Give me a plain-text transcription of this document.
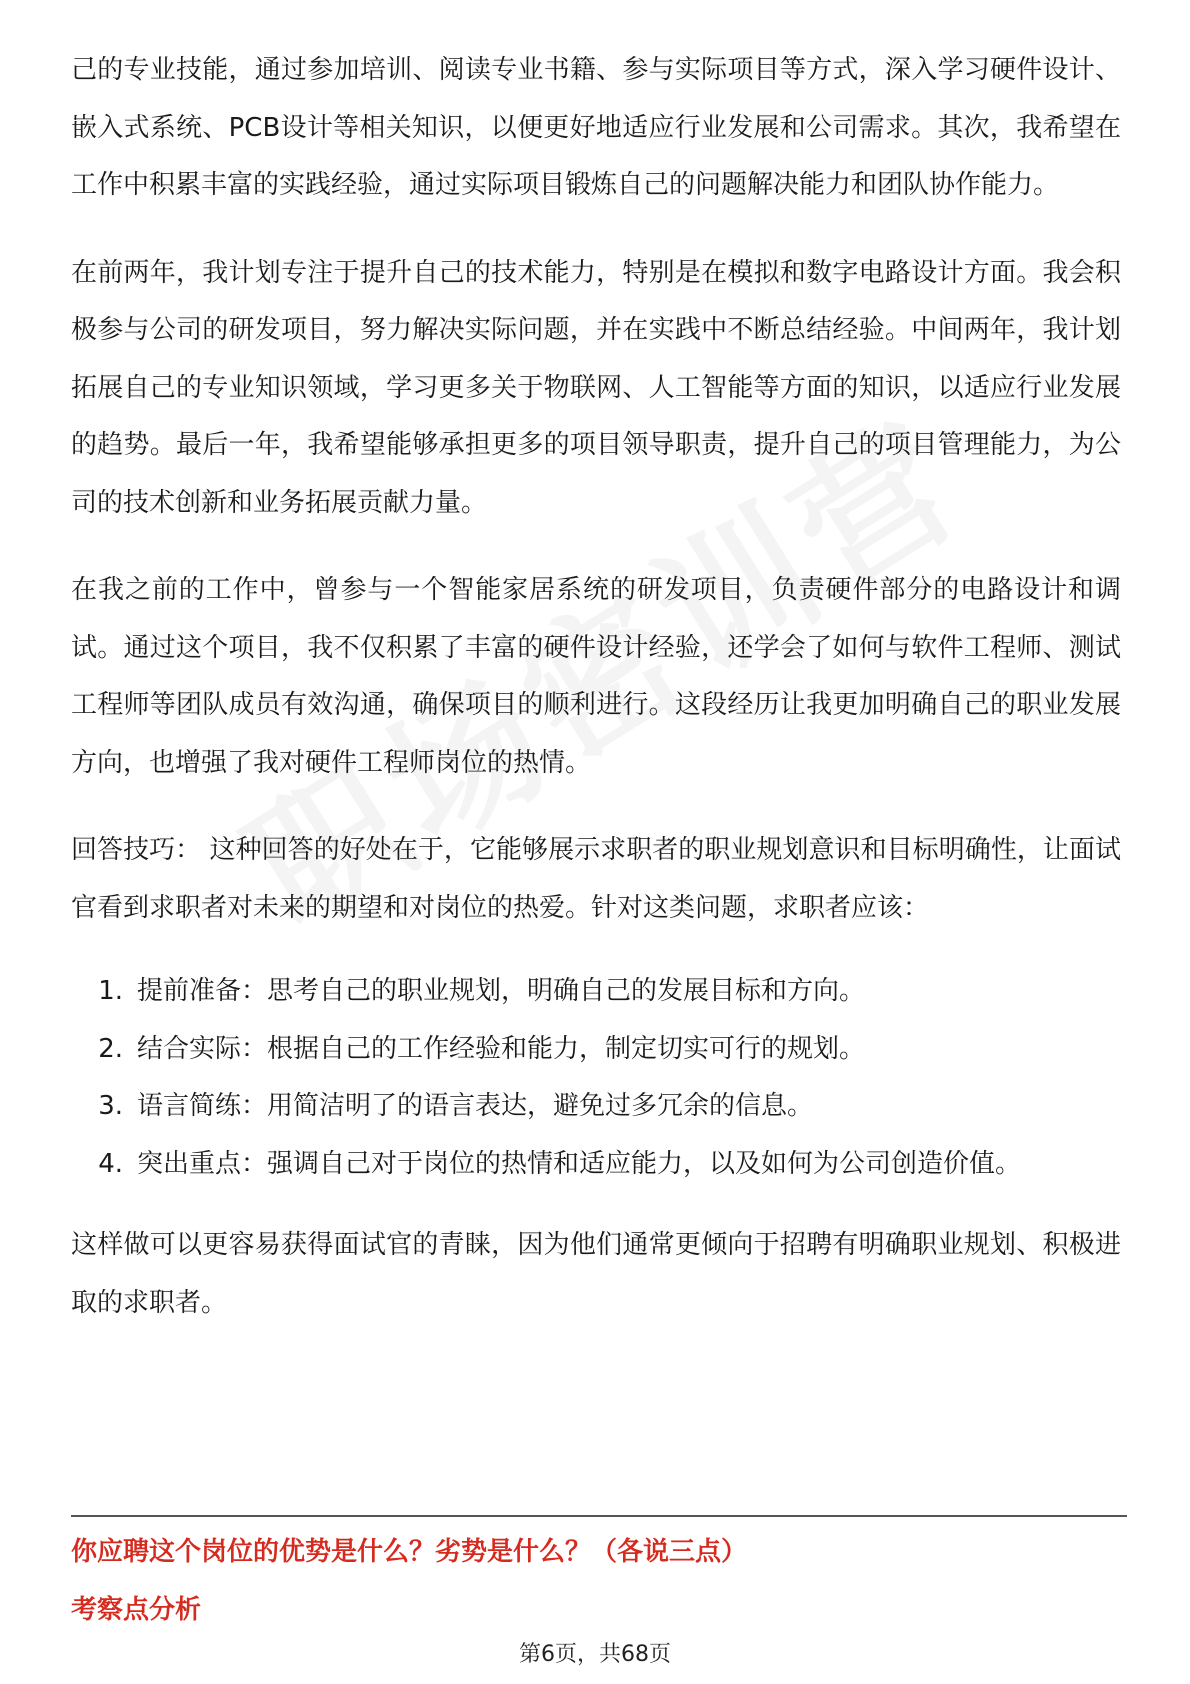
己的专业技能，通过参加培训、阅读专业书籍、参与实际项目等方式，深入学习硬件设计、嵌入式系统、PCB设计等相关知识，以便更好地适应行业发展和公司需求。其次，我希望在工作中积累丰富的实践经验，通过实际项目锻炼自己的问题解决能力和团队协作能力。

在前两年，我计划专注于提升自己的技术能力，特别是在模拟和数字电路设计方面。我会积极参与公司的研发项目，努力解决实际问题，并在实践中不断总结经验。中间两年，我计划拓展自己的专业知识领域，学习更多关于物联网、人工智能等方面的知识，以适应行业发展的趋势。最后一年，我希望能够承担更多的项目领导职责，提升自己的项目管理能力，为公司的技术创新和业务拓展贡献力量。

在我之前的工作中，曾参与一个智能家居系统的研发项目，负责硬件部分的电路设计和调试。通过这个项目，我不仅积累了丰富的硬件设计经验，还学会了如何与软件工程师、测试工程师等团队成员有效沟通，确保项目的顺利进行。这段经历让我更加明确自己的职业发展方向，也增强了我对硬件工程师岗位的热情。

回答技巧： 这种回答的好处在于，它能够展示求职者的职业规划意识和目标明确性，让面试官看到求职者对未来的期望和对岗位的热爱。针对这类问题，求职者应该：

1. 提前准备：思考自己的职业规划，明确自己的发展目标和方向。
2. 结合实际：根据自己的工作经验和能力，制定切实可行的规划。
3. 语言简练：用简洁明了的语言表达，避免过多冗余的信息。
4. 突出重点：强调自己对于岗位的热情和适应能力，以及如何为公司创造价值。

这样做可以更容易获得面试官的青睐，因为他们通常更倾向于招聘有明确职业规划、积极进取的求职者。

你应聘这个岗位的优势是什么？劣势是什么？（各说三点）
考察点分析
第6页，共68页
